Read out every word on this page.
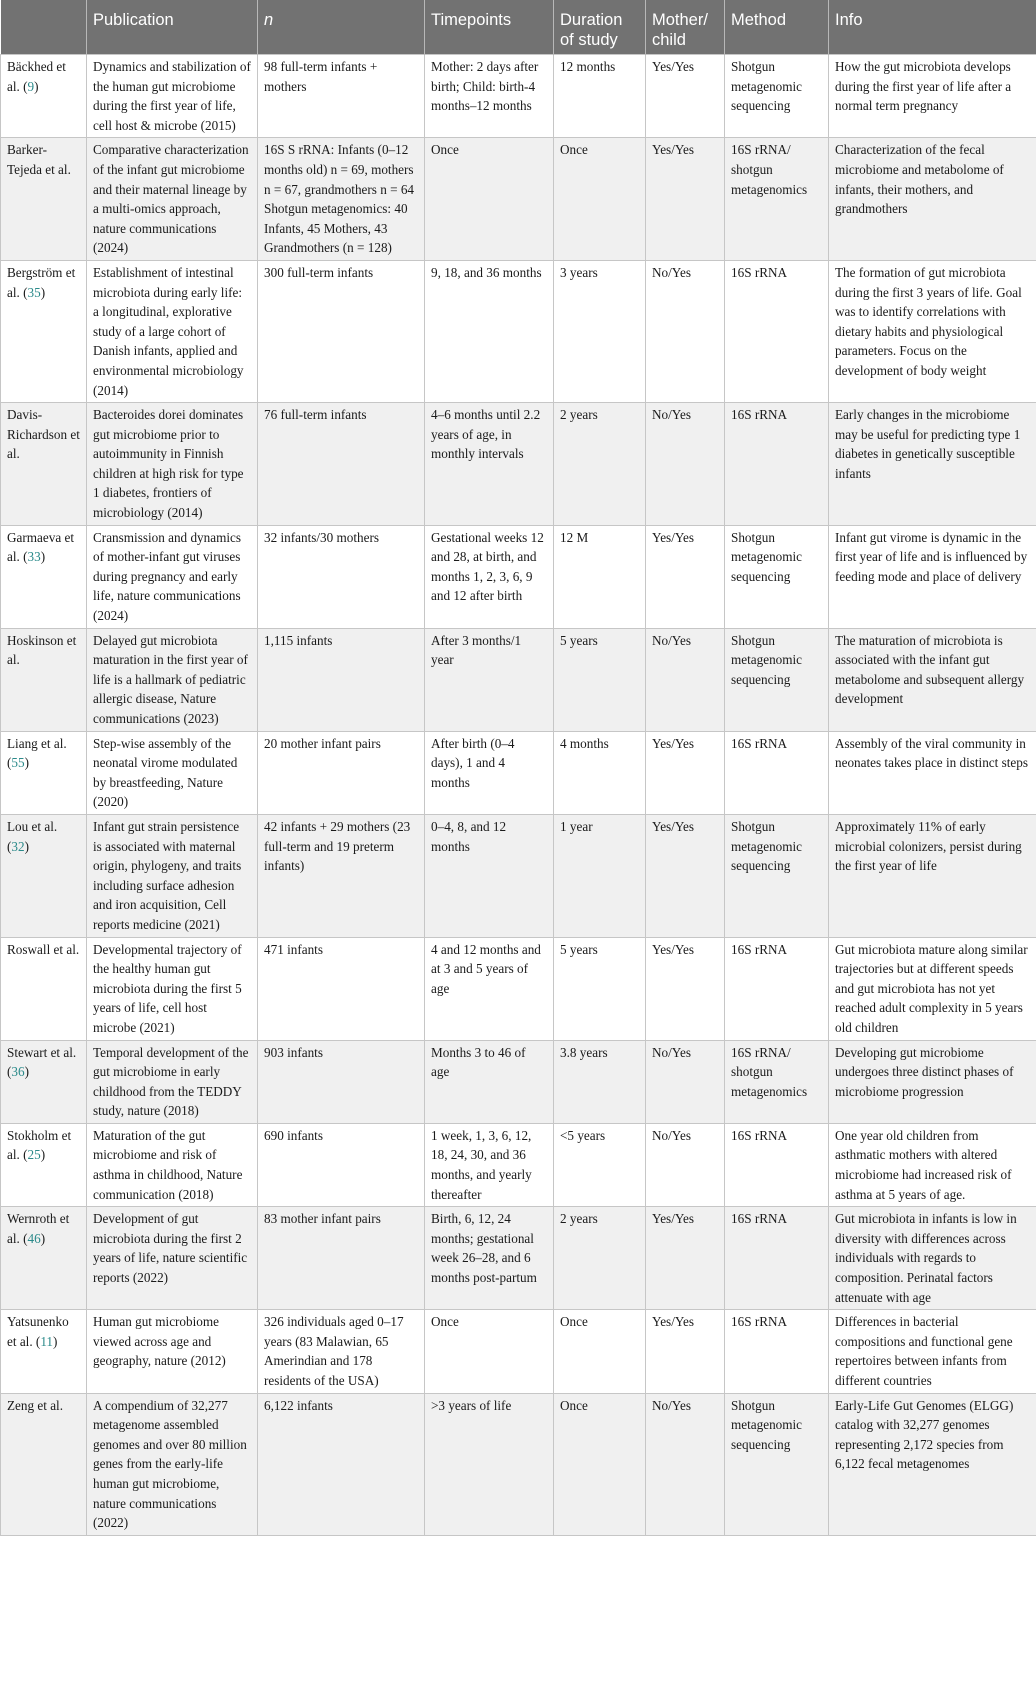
	Publication	n	Timepoints	Duration of study	Mother/ child	Method	Info
Bäckhed et al. (9)	Dynamics and stabilization of the human gut microbiome during the first year of life, cell host & microbe (2015)	98 full-term infants + mothers	Mother: 2 days after birth; Child: birth-4 months–12 months	12 months	Yes/Yes	Shotgun metagenomic sequencing	How the gut microbiota develops during the first year of life after a normal term pregnancy
Barker-Tejeda et al.	Comparative characterization of the infant gut microbiome and their maternal lineage by a multi-omics approach, nature communications (2024)	16S S rRNA: Infants (0–12 months old) n = 69, mothers n = 67, grandmothers n = 64 Shotgun metagenomics: 40 Infants, 45 Mothers, 43 Grandmothers (n = 128)	Once	Once	Yes/Yes	16S rRNA/ shotgun metagenomics	Characterization of the fecal microbiome and metabolome of infants, their mothers, and grandmothers
Bergström et al. (35)	Establishment of intestinal microbiota during early life: a longitudinal, explorative study of a large cohort of Danish infants, applied and environmental microbiology (2014)	300 full-term infants	9, 18, and 36 months	3 years	No/Yes	16S rRNA	The formation of gut microbiota during the first 3 years of life. Goal was to identify correlations with dietary habits and physiological parameters. Focus on the development of body weight
Davis-Richardson et al.	Bacteroides dorei dominates gut microbiome prior to autoimmunity in Finnish children at high risk for type 1 diabetes, frontiers of microbiology (2014)	76 full-term infants	4–6 months until 2.2 years of age, in monthly intervals	2 years	No/Yes	16S rRNA	Early changes in the microbiome may be useful for predicting type 1 diabetes in genetically susceptible infants
Garmaeva et al. (33)	Cransmission and dynamics of mother-infant gut viruses during pregnancy and early life, nature communications (2024)	32 infants/30 mothers	Gestational weeks 12 and 28, at birth, and months 1, 2, 3, 6, 9 and 12 after birth	12 M	Yes/Yes	Shotgun metagenomic sequencing	Infant gut virome is dynamic in the first year of life and is influenced by feeding mode and place of delivery
Hoskinson et al.	Delayed gut microbiota maturation in the first year of life is a hallmark of pediatric allergic disease, Nature communications (2023)	1,115 infants	After 3 months/1 year	5 years	No/Yes	Shotgun metagenomic sequencing	The maturation of microbiota is associated with the infant gut metabolome and subsequent allergy development
Liang et al. (55)	Step-wise assembly of the neonatal virome modulated by breastfeeding, Nature (2020)	20 mother infant pairs	After birth (0–4 days), 1 and 4 months	4 months	Yes/Yes	16S rRNA	Assembly of the viral community in neonates takes place in distinct steps
Lou et al. (32)	Infant gut strain persistence is associated with maternal origin, phylogeny, and traits including surface adhesion and iron acquisition, Cell reports medicine (2021)	42 infants + 29 mothers (23 full-term and 19 preterm infants)	0–4, 8, and 12 months	1 year	Yes/Yes	Shotgun metagenomic sequencing	Approximately 11% of early microbial colonizers, persist during the first year of life
Roswall et al.	Developmental trajectory of the healthy human gut microbiota during the first 5 years of life, cell host microbe (2021)	471 infants	4 and 12 months and at 3 and 5 years of age	5 years	Yes/Yes	16S rRNA	Gut microbiota mature along similar trajectories but at different speeds and gut microbiota has not yet reached adult complexity in 5 years old children
Stewart et al. (36)	Temporal development of the gut microbiome in early childhood from the TEDDY study, nature (2018)	903 infants	Months 3 to 46 of age	3.8 years	No/Yes	16S rRNA/ shotgun metagenomics	Developing gut microbiome undergoes three distinct phases of microbiome progression
Stokholm et al. (25)	Maturation of the gut microbiome and risk of asthma in childhood, Nature communication (2018)	690 infants	1 week, 1, 3, 6, 12, 18, 24, 30, and 36 months, and yearly thereafter	<5 years	No/Yes	16S rRNA	One year old children from asthmatic mothers with altered microbiome had increased risk of asthma at 5 years of age.
Wernroth et al. (46)	Development of gut microbiota during the first 2 years of life, nature scientific reports (2022)	83 mother infant pairs	Birth, 6, 12, 24 months; gestational week 26–28, and 6 months post-partum	2 years	Yes/Yes	16S rRNA	Gut microbiota in infants is low in diversity with differences across individuals with regards to composition. Perinatal factors attenuate with age
Yatsunenko et al. (11)	Human gut microbiome viewed across age and geography, nature (2012)	326 individuals aged 0–17 years (83 Malawian, 65 Amerindian and 178 residents of the USA)	Once	Once	Yes/Yes	16S rRNA	Differences in bacterial compositions and functional gene repertoires between infants from different countries
Zeng et al.	A compendium of 32,277 metagenome assembled genomes and over 80 million genes from the early-life human gut microbiome, nature communications (2022)	6,122 infants	>3 years of life	Once	No/Yes	Shotgun metagenomic sequencing	Early-Life Gut Genomes (ELGG) catalog with 32,277 genomes representing 2,172 species from 6,122 fecal metagenomes
